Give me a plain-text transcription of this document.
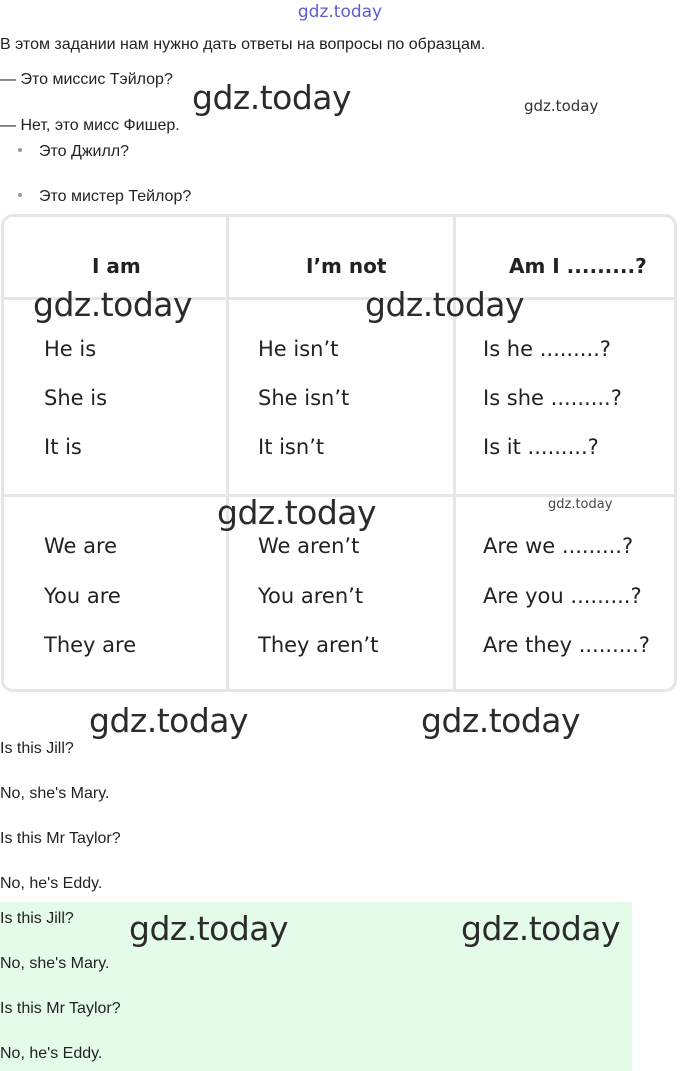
gdz.today
В этом задании нам нужно дать ответы на вопросы по образцам.
— Это миссис Тэйлор?
— Нет, это мисс Фишер.
Это Джилл?
Это мистер Тейлор?
gdz.today	gdz.today
I am	I’m not	Am I .........?
He is	He isn’t	Is he .........?
She is	She isn’t	Is she .........?
It is	It isn’t	Is it .........?
We are	We aren’t	Are we .........?
You are	You aren’t	Are you .........?
They are	They aren’t	Are they .........?
gdz.today	gdz.today
gdz.today	gdz.today
gdz.today	gdz.today
Is this Jill?
No, she's Mary.
Is this Mr Taylor?
No, he's Eddy.
Is this Jill?
No, she's Mary.
Is this Mr Taylor?
No, he's Eddy.
gdz.today	gdz.today
